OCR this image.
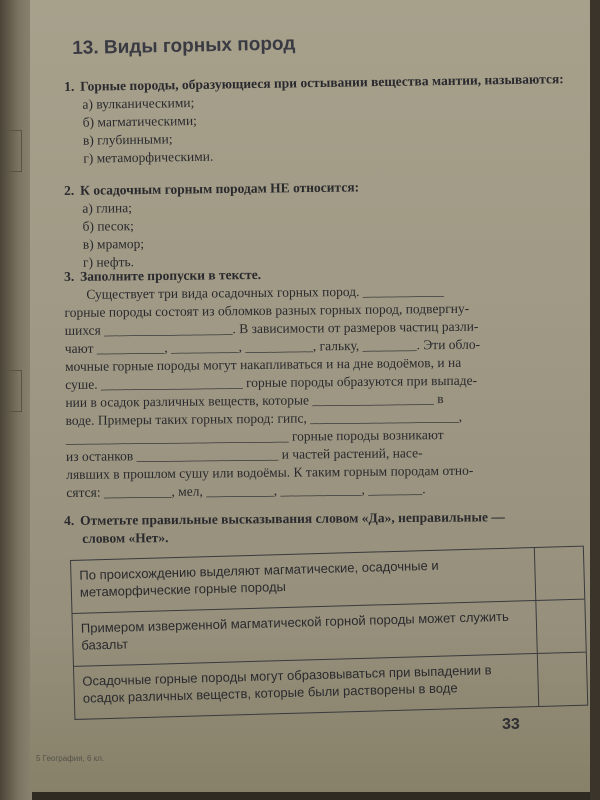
13. Виды горных пород
1. Горные породы, образующиеся при остывании вещества мантии, называются:
а) вулканическими;
б) магматическими;
в) глубинными;
г) метаморфическими.
2. К осадочным горным породам НЕ относится:
а) глина;
б) песок;
в) мрамор;
г) нефть.
3. Заполните пропуски в тексте.
Существует три вида осадочных горных пород. ____________
горные породы состоят из обломков разных горных пород, подвергну-
шихся ___________________. В зависимости от размеров частиц разли-
чают __________, __________, __________, гальку, ________. Эти обло-
мочные горные породы могут накапливаться и на дне водоёмов, и на
суше. _____________________ горные породы образуются при выпаде-
нии в осадок различных веществ, которые __________________ в
воде. Примеры таких горных пород: гипс, ______________________,
_________________________________ горные породы возникают
из останков _____________________ и частей растений, насе-
лявших в прошлом сушу или водоёмы. К таким горным породам отно-
сятся: __________, мел, __________, ____________, ________.
4. Отметьте правильные высказывания словом «Да», неправильные —
словом «Нет».
По происхождению выделяют магматические, осадочные и метаморфические горные породы
Примером изверженной магматической горной породы может служить базальт
Осадочные горные породы могут образовываться при выпадении в осадок различных веществ, которые были растворены в воде
33
5 География, 6 кл.
